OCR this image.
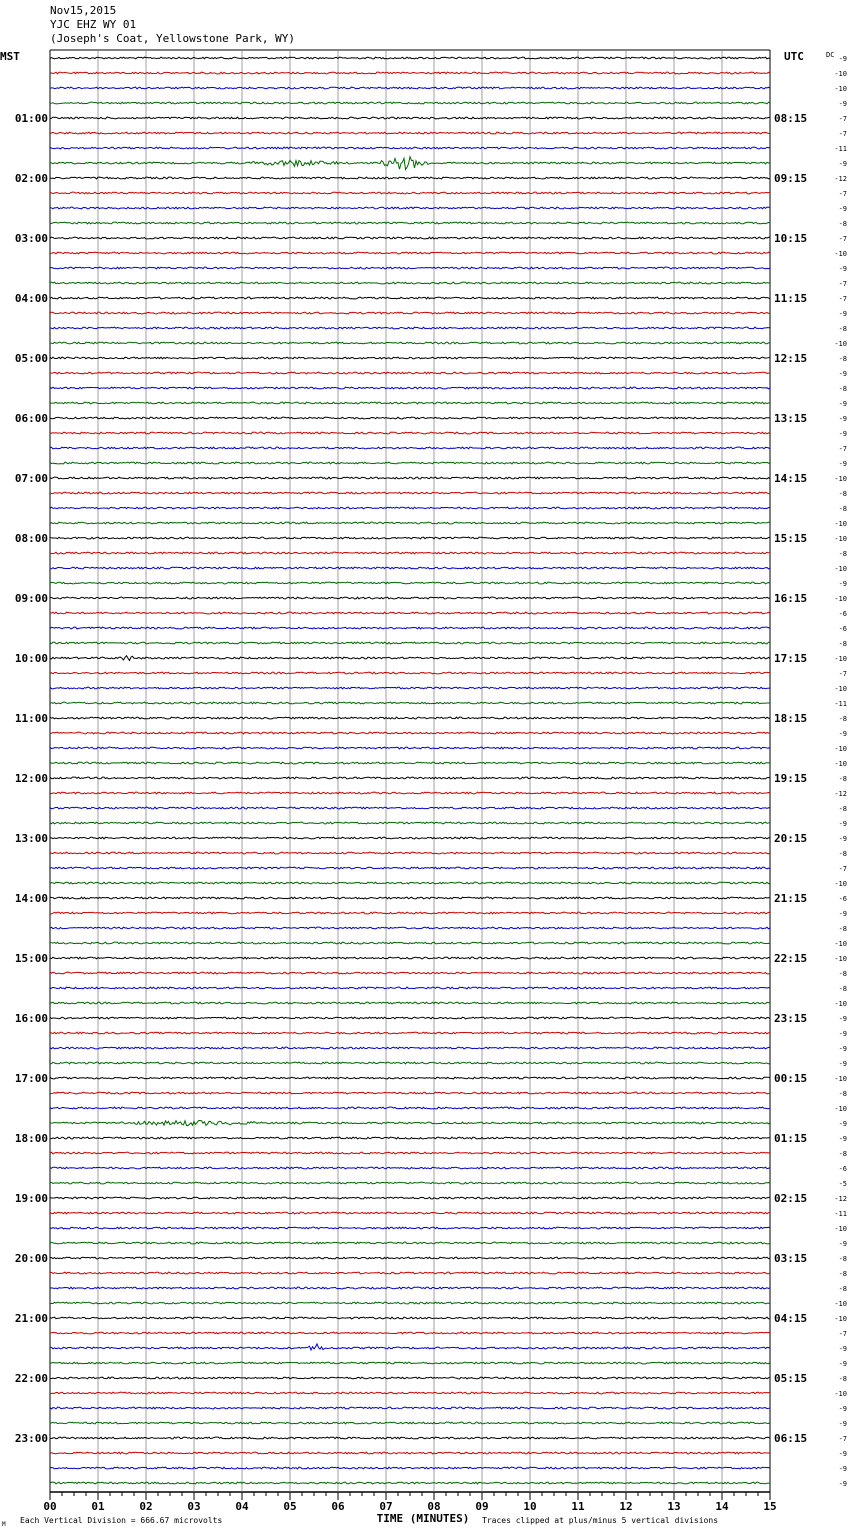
Nov15,2015
YJC EHZ WY 01
(Joseph's Coat, Yellowstone Park, WY)
00	01	02	03	04	05	06	07	08	09	10	11	12	13	14	15
-9
-10
-10
-9
-7
-7
-11
-9
-12
-7
-9
-8
-7
-10
-9
-7
-7
-9
-8
-10
-8
-9
-8
-9
-9
-9
-7
-9
-10
-8
-8
-10
-10
-8
-10
-9
-10
-6
-6
-8
-10
-7
-10
-11
-8
-9
-10
-10
-8
-12
-8
-9
-9
-8
-7
-10
-6
-9
-8
-10
-10
-8
-8
-10
-9
-9
-9
-9
-10
-8
-10
-9
-9
-8
-6
-5
-12
-11
-10
-9
-8
-8
-8
-10
-10
-7
-9
-9
-8
-10
-9
-9
-7
-9
-9
-9
01:00
02:00
03:00
04:00
05:00
06:00
07:00
08:00
09:00
10:00
11:00
12:00
13:00
14:00
15:00
16:00
17:00
18:00
19:00
20:00
21:00
22:00
23:00
08:15
09:15
10:15
11:15
12:15
13:15
14:15
15:15
16:15
17:15
18:15
19:15
20:15
21:15
22:15
23:15
00:15
01:15
02:15
03:15
04:15
05:15
06:15
MST	UTC	DC
TIME (MINUTES)
M Each Vertical Division = 666.67 microvolts	Traces clipped at plus/minus 5 vertical divisions
